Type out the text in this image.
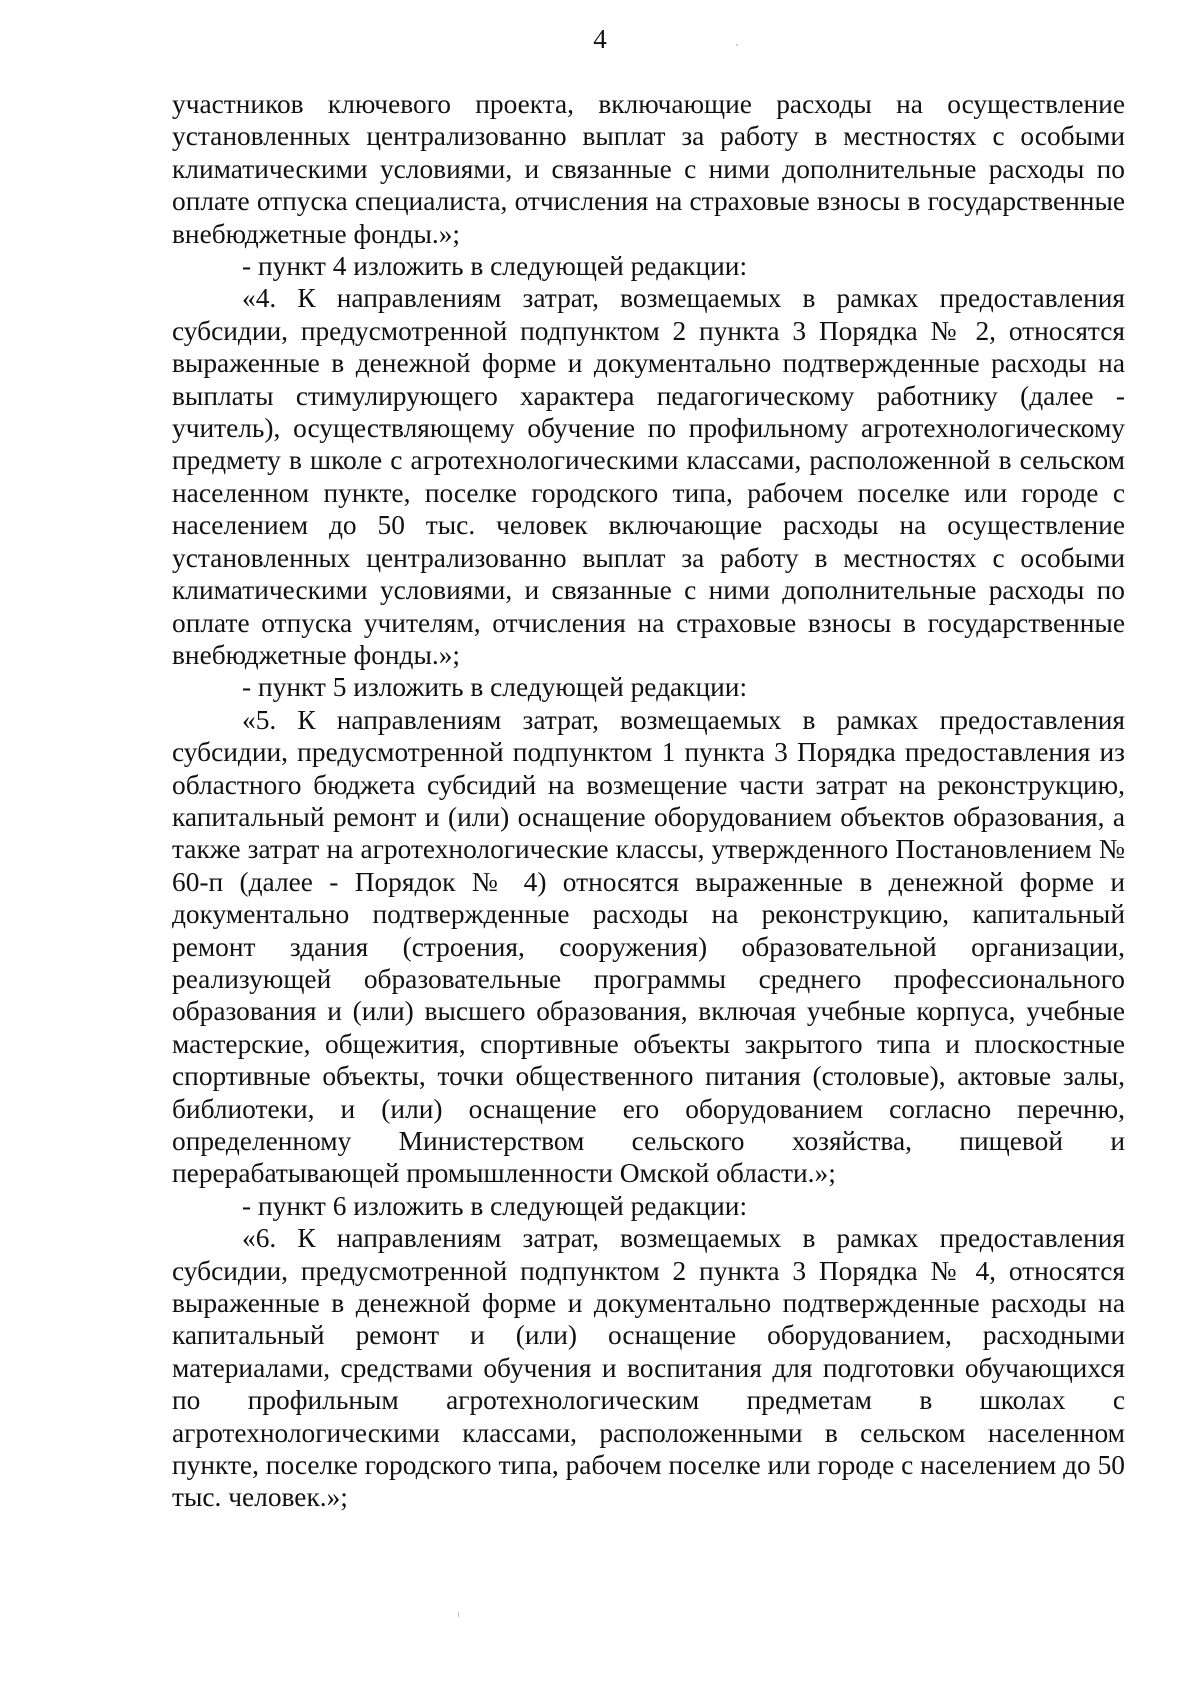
4

участников ключевого проекта, включающие расходы на осуществление установленных централизованно выплат за работу в местностях с особыми климатическими условиями, и связанные с ними дополнительные расходы по оплате отпуска специалиста, отчисления на страховые взносы в государственные внебюджетные фонды.»;

- пункт 4 изложить в следующей редакции:

«4. К направлениям затрат, возмещаемых в рамках предоставления субсидии, предусмотренной подпунктом 2 пункта 3 Порядка № 2, относятся выраженные в денежной форме и документально подтвержденные расходы на выплаты стимулирующего характера педагогическому работнику (далее - учитель), осуществляющему обучение по профильному агротехнологическому предмету в школе с агротехнологическими классами, расположенной в сельском населенном пункте, поселке городского типа, рабочем поселке или городе с населением до 50 тыс. человек включающие расходы на осуществление установленных централизованно выплат за работу в местностях с особыми климатическими условиями, и связанные с ними дополнительные расходы по оплате отпуска учителям, отчисления на страховые взносы в государственные внебюджетные фонды.»;

- пункт 5 изложить в следующей редакции:

«5. К направлениям затрат, возмещаемых в рамках предоставления субсидии, предусмотренной подпунктом 1 пункта 3 Порядка предоставления из областного бюджета субсидий на возмещение части затрат на реконструкцию, капитальный ремонт и (или) оснащение оборудованием объектов образования, а также затрат на агротехнологические классы, утвержденного Постановлением № 60-п (далее - Порядок № 4) относятся выраженные в денежной форме и документально подтвержденные расходы на реконструкцию, капитальный ремонт здания (строения, сооружения) образовательной организации, реализующей образовательные программы среднего профессионального образования и (или) высшего образования, включая учебные корпуса, учебные мастерские, общежития, спортивные объекты закрытого типа и плоскостные спортивные объекты, точки общественного питания (столовые), актовые залы, библиотеки, и (или) оснащение его оборудованием согласно перечню, определенному Министерством сельского хозяйства, пищевой и перерабатывающей промышленности Омской области.»;

- пункт 6 изложить в следующей редакции:

«6. К направлениям затрат, возмещаемых в рамках предоставления субсидии, предусмотренной подпунктом 2 пункта 3 Порядка № 4, относятся выраженные в денежной форме и документально подтвержденные расходы на капитальный ремонт и (или) оснащение оборудованием, расходными материалами, средствами обучения и воспитания для подготовки обучающихся по профильным агротехнологическим предметам в школах с агротехнологическими классами, расположенными в сельском населенном пункте, поселке городского типа, рабочем поселке или городе с населением до 50 тыс. человек.»;
